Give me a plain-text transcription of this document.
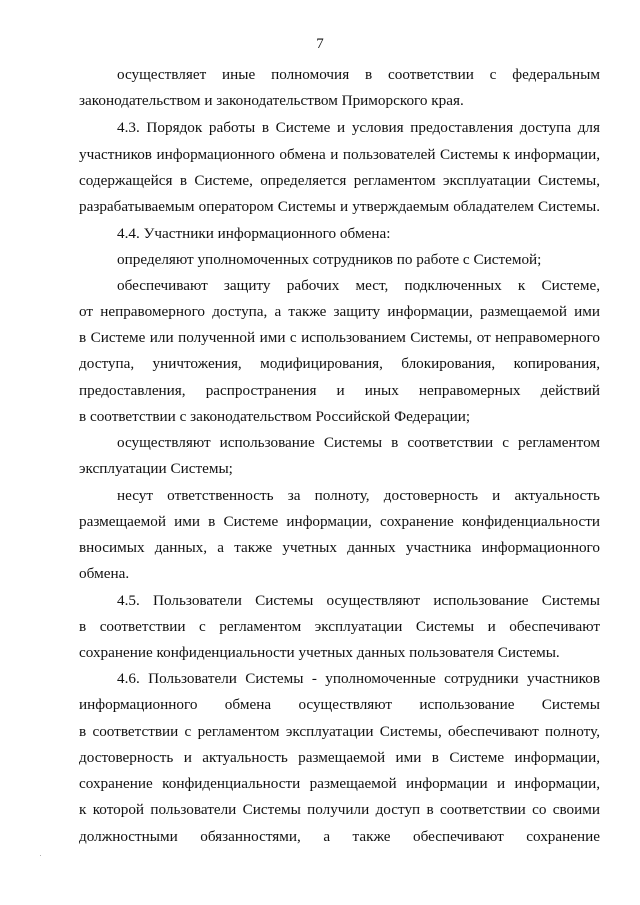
7
осуществляет иные полномочия в соответствии с федеральным
законодательством и законодательством Приморского края.
4.3. Порядок работы в Системе и условия предоставления доступа для
участников информационного обмена и пользователей Системы к информации,
содержащейся в Системе, определяется регламентом эксплуатации Системы,
разрабатываемым оператором Системы и утверждаемым обладателем Системы.
4.4. Участники информационного обмена:
определяют уполномоченных сотрудников по работе с Системой;
обеспечивают защиту рабочих мест, подключенных к Системе,
от неправомерного доступа, а также защиту информации, размещаемой ими
в Системе или полученной ими с использованием Системы, от неправомерного
доступа, уничтожения, модифицирования, блокирования, копирования,
предоставления, распространения и иных неправомерных действий
в соответствии с законодательством Российской Федерации;
осуществляют использование Системы в соответствии с регламентом
эксплуатации Системы;
несут ответственность за полноту, достоверность и актуальность
размещаемой ими в Системе информации, сохранение конфиденциальности
вносимых данных, а также учетных данных участника информационного
обмена.
4.5. Пользователи Системы осуществляют использование Системы
в соответствии с регламентом эксплуатации Системы и обеспечивают
сохранение конфиденциальности учетных данных пользователя Системы.
4.6. Пользователи Системы - уполномоченные сотрудники участников
информационного обмена осуществляют использование Системы
в соответствии с регламентом эксплуатации Системы, обеспечивают полноту,
достоверность и актуальность размещаемой ими в Системе информации,
сохранение конфиденциальности размещаемой информации и информации,
к которой пользователи Системы получили доступ в соответствии со своими
должностными обязанностями, а также обеспечивают сохранение
